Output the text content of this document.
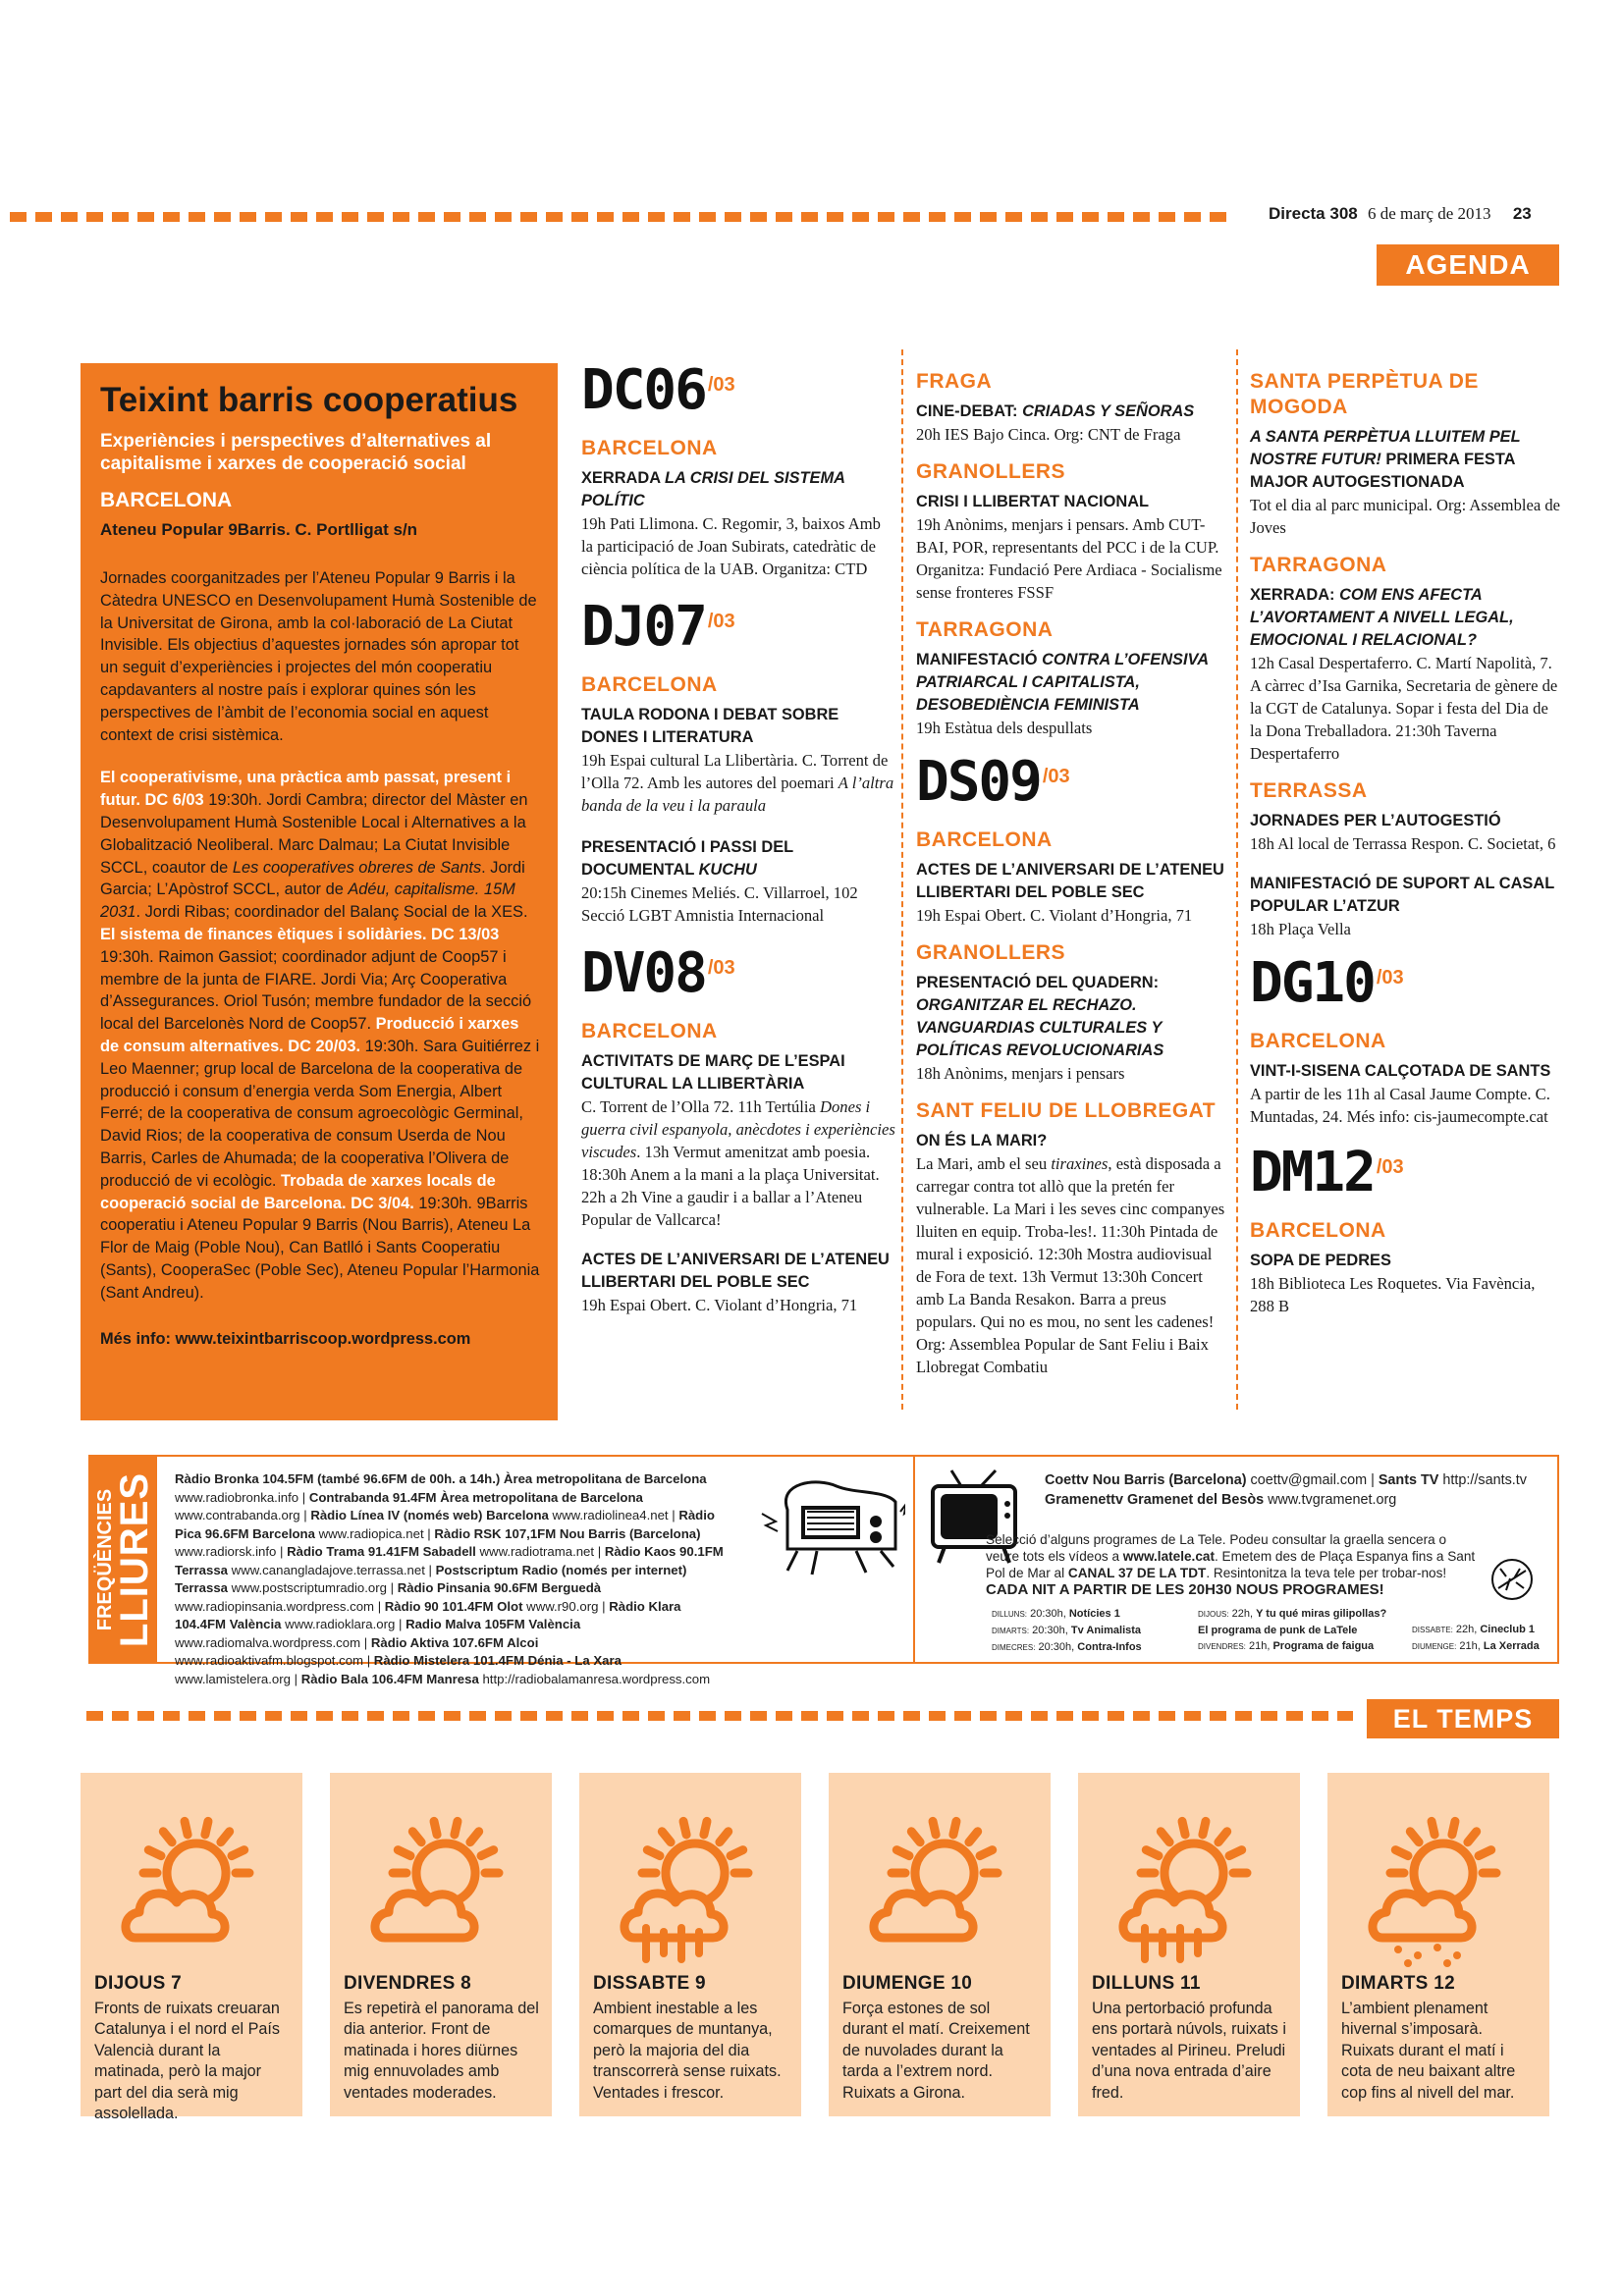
Directa 308 6 de març de 2013 23
AGENDA
Teixint barris cooperatius
Experiències i perspectives d’alternatives al capitalisme i xarxes de cooperació social
BARCELONA
Ateneu Popular 9Barris. C. Portlligat s/n

Jornades coorganitzades per l’Ateneu Popular 9 Barris i la Càtedra UNESCO en Desenvolupament Humà Sostenible de la Universitat de Girona, amb la col·laboració de La Ciutat Invisible. Els objectius d’aquestes jornades són apropar tot un seguit d’experiències i projectes del món cooperatiu capdavanters al nostre país i explorar quines són les perspectives de l’àmbit de l’economia social en aquest context de crisi sistèmica.

El cooperativisme, una pràctica amb passat, present i futur. DC 6/03 19:30h. Jordi Cambra; director del Màster en Desenvolupament Humà Sostenible Local i Alternatives a la Globalització Neoliberal. Marc Dalmau; La Ciutat Invisible SCCL, coautor de Les cooperatives obreres de Sants. Jordi Garcia; L’Apòstrof SCCL, autor de Adéu, capitalisme. 15M 2031. Jordi Ribas; coordinador del Balanç Social de la XES. El sistema de finances ètiques i solidàries. DC 13/03 19:30h. Raimon Gassiot; coordinador adjunt de Coop57 i membre de la junta de FIARE. Jordi Via; Arç Cooperativa d’Assegurances. Oriol Tusón; membre fundador de la secció local del Barcelonès Nord de Coop57. Producció i xarxes de consum alternatives. DC 20/03. 19:30h. Sara Guitiérrez i Leo Maenner; grup local de Barcelona de la cooperativa de producció i consum d’energia verda Som Energia, Albert Ferré; de la cooperativa de consum agroecològic Germinal, David Rios; de la cooperativa de consum Userda de Nou Barris, Carles de Ahumada; de la cooperativa l’Olivera de producció de vi ecològic. Trobada de xarxes locals de cooperació social de Barcelona. DC 3/04. 19:30h. 9Barris cooperatiu i Ateneu Popular 9 Barris (Nou Barris), Ateneu La Flor de Maig (Poble Nou), Can Batlló i Sants Cooperatiu (Sants), CooperaSec (Poble Sec), Ateneu Popular l’Harmonia (Sant Andreu).

Més info: www.teixintbarriscoop.wordpress.com

DC06 $^{/03}$
BARCELONA
XERRADA LA CRISI DEL SISTEMA POLÍTIC
19h Pati Llimona. C. Regomir, 3, baixos Amb la participació de Joan Subirats, catedràtic de ciència política de la UAB. Organitza: CTD
DJ07 $^{/03}$
BARCELONA
TAULA RODONA I DEBAT SOBRE DONES I LITERATURA
19h Espai cultural La Llibertària. C. Torrent de l’Olla 72. Amb les autores del poemari A l’altra banda de la veu i la paraula
PRESENTACIÓ I PASSI DEL DOCUMENTAL KUCHU
20:15h Cinemes Meliés. C. Villarroel, 102 Secció LGBT Amnistia Internacional
DV08 $^{/03}$
BARCELONA
ACTIVITATS DE MARÇ DE L’ESPAI CULTURAL LA LLIBERTÀRIA
C. Torrent de l’Olla 72. 11h Tertúlia Dones i guerra civil espanyola, anècdotes i experiències viscudes. 13h Vermut amenitzat amb poesia. 18:30h Anem a la mani a la plaça Universitat. 22h a 2h Vine a gaudir i a ballar a l’Ateneu Popular de Vallcarca!
ACTES DE L’ANIVERSARI DE L’ATENEU LLIBERTARI DEL POBLE SEC
19h Espai Obert. C. Violant d’Hongria, 71
FRAGA
CINE-DEBAT: CRIADAS Y SEÑORAS
20h IES Bajo Cinca. Org: CNT de Fraga
GRANOLLERS
CRISI I LLIBERTAT NACIONAL
19h Anònims, menjars i pensars. Amb CUT-BAI, POR, representants del PCC i de la CUP. Organitza: Fundació Pere Ardiaca - Socialisme sense fronteres FSSF
TARRAGONA
MANIFESTACIÓ CONTRA L’OFENSIVA PATRIARCAL I CAPITALISTA, DESOBEDIÈNCIA FEMINISTA
19h Estàtua dels despullats
DS09 $^{/03}$
BARCELONA
ACTES DE L’ANIVERSARI DE L’ATENEU LLIBERTARI DEL POBLE SEC
19h Espai Obert. C. Violant d’Hongria, 71
GRANOLLERS
PRESENTACIÓ DEL QUADERN: ORGANITZAR EL RECHAZO. VANGUARDIAS CULTURALES Y POLÍTICAS REVOLUCIONARIAS
18h Anònims, menjars i pensars
SANT FELIU DE LLOBREGAT
ON ÉS LA MARI?
La Mari, amb el seu tiraxines, està disposada a carregar contra tot allò que la pretén fer vulnerable. La Mari i les seves cinc companyes lluiten en equip. Troba-les!. 11:30h Pintada de mural i exposició. 12:30h Mostra audiovisual de Fora de text. 13h Vermut 13:30h Concert amb La Banda Resakon. Barra a preus populars. Qui no es mou, no sent les cadenes! Org: Assemblea Popular de Sant Feliu i Baix Llobregat Combatiu
SANTA PERPÈTUA DE MOGODA
A SANTA PERPÈTUA LLUITEM PEL NOSTRE FUTUR! PRIMERA FESTA MAJOR AUTOGESTIONADA
Tot el dia al parc municipal. Org: Assemblea de Joves
TARRAGONA
XERRADA: COM ENS AFECTA L’AVORTAMENT A NIVELL LEGAL, EMOCIONAL I RELACIONAL?
12h Casal Despertaferro. C. Martí Napolità, 7. A càrrec d’Isa Garnika, Secretaria de gènere de la CGT de Catalunya. Sopar i festa del Dia de la Dona Treballadora. 21:30h Taverna Despertaferro
TERRASSA
JORNADES PER L’AUTOGESTIÓ
18h Al local de Terrassa Respon. C. Societat, 6
MANIFESTACIÓ DE SUPORT AL CASAL POPULAR L’ATZUR
18h Plaça Vella
DG10 $^{/03}$
BARCELONA
VINT-I-SISENA CALÇOTADA DE SANTS
A partir de les 11h al Casal Jaume Compte. C. Muntadas, 24. Més info: cis-jaumecompte.cat
DM12 $^{/03}$
BARCELONA
SOPA DE PEDRES
18h Biblioteca Les Roquetes. Via Favència, 288 B
FREQÜÈNCIES
LLIURES Ràdio Bronka 104.5FM (també 96.6FM de 00h. a 14h.) Àrea metropolitana de Barcelona www.radiobronka.info | Contrabanda 91.4FM Àrea metropolitana de Barcelona www.contrabanda.org | Ràdio Línea IV (només web) Barcelona www.radiolinea4.net | Ràdio Pica 96.6FM Barcelona www.radiopica.net | Ràdio RSK 107,1FM Nou Barris (Barcelona) www.radiorsk.info | Ràdio Trama 91.41FM Sabadell www.radiotrama.net | Ràdio Kaos 90.1FM Terrassa www.canangladajove.terrassa.net | Postscriptum Radio (només per internet) Terrassa www.postscriptumradio.org | Ràdio Pinsania 90.6FM Berguedà www.radiopinsania.wordpress.com | Ràdio 90 101.4FM Olot www.r90.org | Ràdio Klara 104.4FM València www.radioklara.org | Radio Malva 105FM València www.radiomalva.wordpress.com | Ràdio Aktiva 107.6FM Alcoi www.radioaktivafm.blogspot.com | Ràdio Mistelera 101.4FM Dénia - La Xara www.lamistelera.org | Ràdio Bala 106.4FM Manresa http://radiobalamanresa.wordpress.com
Coettv Nou Barris (Barcelona) coettv@gmail.com | Sants TV http://sants.tv
Gramenettv Gramenet del Besòs www.tvgramenet.org
Selecció d’alguns programes de La Tele. Podeu consultar la graella sencera o veure tots els vídeos a www.latele.cat. Emetem des de Plaça Espanya fins a Sant Pol de Mar al CANAL 37 DE LA TDT. Resintonitza la teva tele per trobar-nos!
CADA NIT A PARTIR DE LES 20H30 NOUS PROGRAMES!
DILLUNS: 20:30h, Notícies 1
DIMARTS: 20:30h, Tv Animalista
DIMECRES: 20:30h, Contra-Infos
DIJOUS: 22h, Y tu qué miras gilipollas?
El programa de punk de LaTele
DIVENDRES: 21h, Programa de faigua
DISSABTE: 22h, Cineclub 1
DIUMENGE: 21h, La Xerrada
EL TEMPS
DIJOUS 7
Fronts de ruixats creuaran Catalunya i el nord el País Valencià durant la matinada, però la major part del dia serà mig assolellada.
DIVENDRES 8
Es repetirà el panorama del dia anterior. Front de matinada i hores diürnes mig ennuvolades amb ventades moderades.
DISSABTE 9
Ambient inestable a les comarques de muntanya, però la majoria del dia transcorrerà sense ruixats. Ventades i frescor.
DIUMENGE 10
Força estones de sol durant el matí. Creixement de nuvolades durant la tarda a l’extrem nord. Ruixats a Girona.
DILLUNS 11
Una pertorbació profunda ens portarà núvols, ruixats i ventades al Pirineu. Preludi d’una nova entrada d’aire fred.
DIMARTS 12
L’ambient plenament hivernal s’imposarà. Ruixats durant el matí i cota de neu baixant altre cop fins al nivell del mar.
